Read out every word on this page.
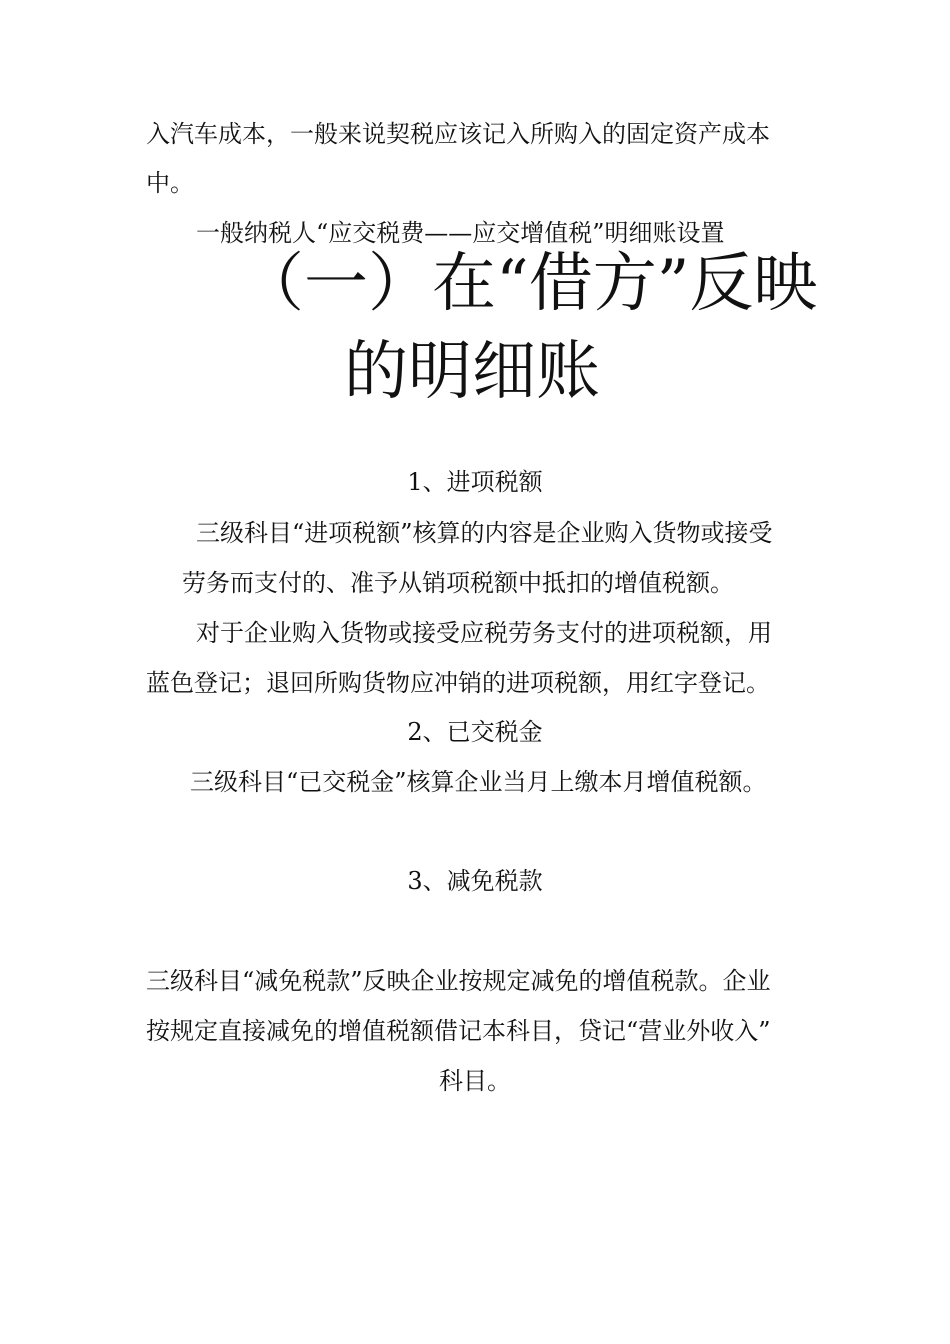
入汽车成本，一般来说契税应该记入所购入的固定资产成本
中。
一般纳税人“应交税费——应交增值税”明细账设置
（一）在“借方”反映
的明细账
1、进项税额
三级科目“进项税额”核算的内容是企业购入货物或接受
劳务而支付的、准予从销项税额中抵扣的增值税额。
对于企业购入货物或接受应税劳务支付的进项税额，用
蓝色登记；退回所购货物应冲销的进项税额，用红字登记。
2、已交税金
三级科目“已交税金”核算企业当月上缴本月增值税额。
3、减免税款
三级科目“减免税款”反映企业按规定减免的增值税款。企业
按规定直接减免的增值税额借记本科目，贷记“营业外收入”
科目。
